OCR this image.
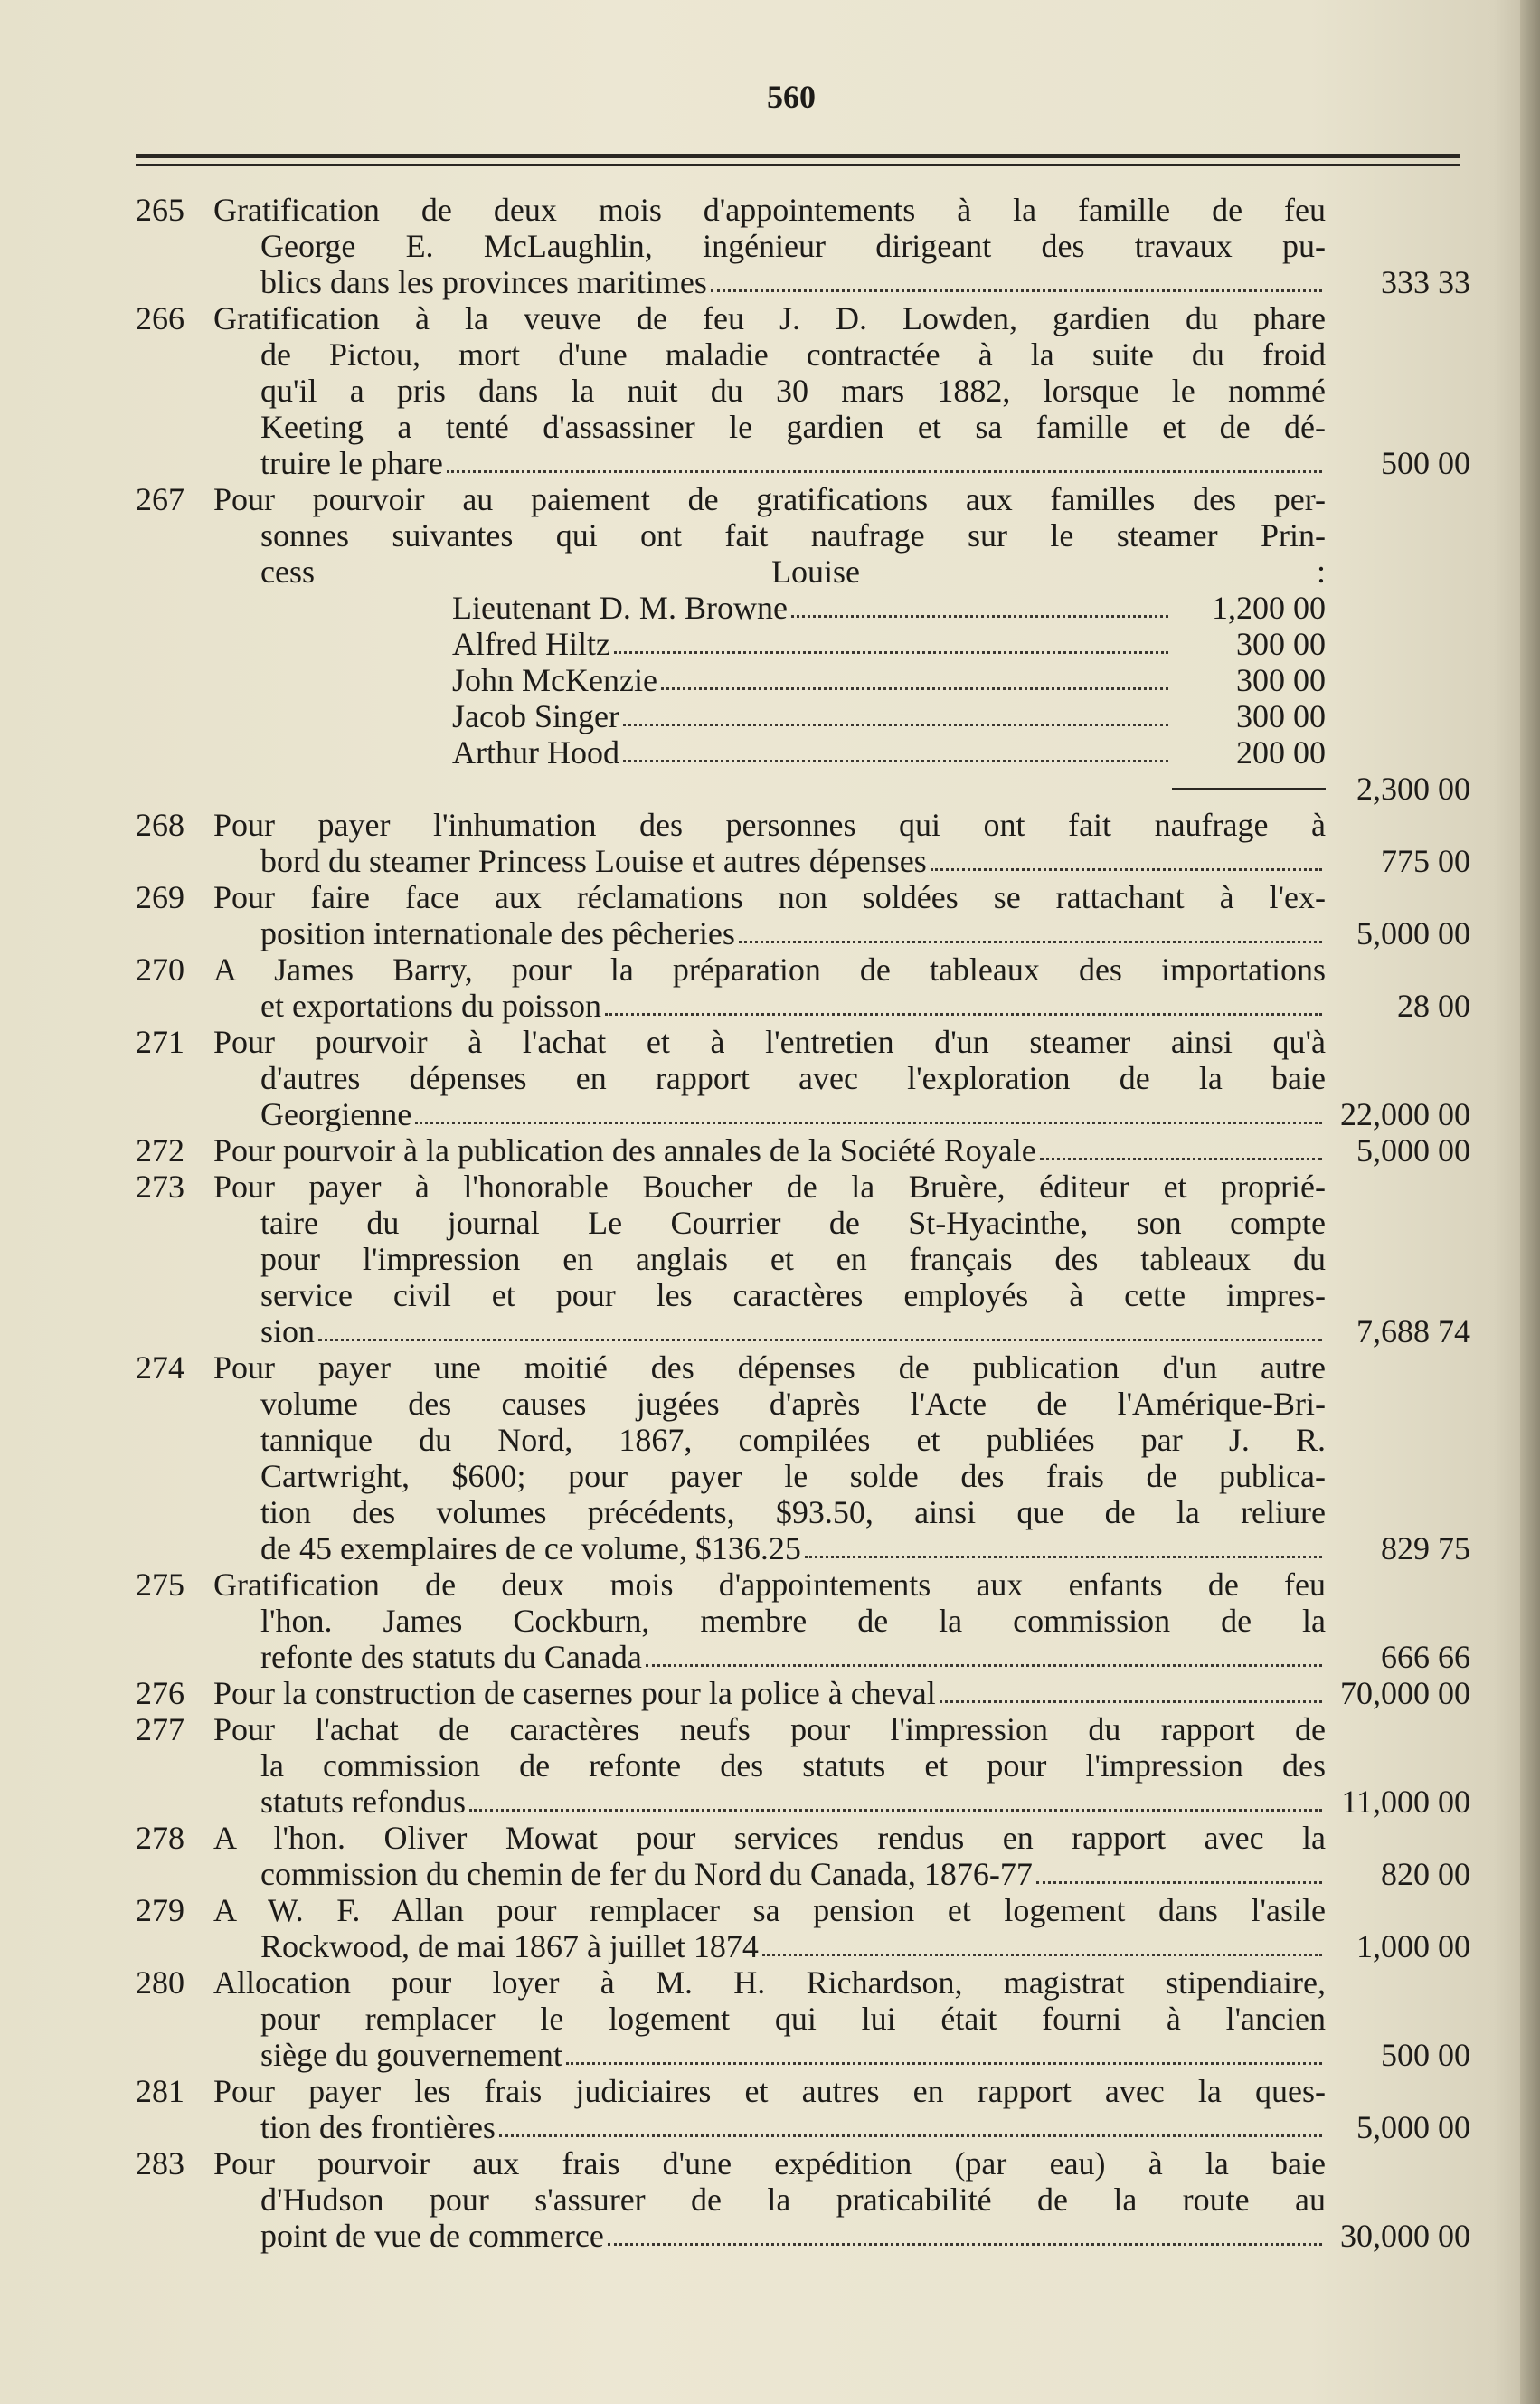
560
265 Gratification de deux mois d'appointements à la famille de feu
George E. McLaughlin, ingénieur dirigeant des travaux pu-
blics dans les provinces maritimes	333 33
266 Gratification à la veuve de feu J. D. Lowden, gardien du phare
de Pictou, mort d'une maladie contractée à la suite du froid
qu'il a pris dans la nuit du 30 mars 1882, lorsque le nommé
Keeting a tenté d'assassiner le gardien et sa famille et de dé-
truire le phare	500 00
267 Pour pourvoir au paiement de gratifications aux familles des per-
sonnes suivantes qui ont fait naufrage sur le steamer Prin-
cess Louise :
Lieutenant D. M. Browne	1,200 00
Alfred Hiltz	300 00
John McKenzie	300 00
Jacob Singer	300 00
Arthur Hood	200 00
2,300 00
268 Pour payer l'inhumation des personnes qui ont fait naufrage à
bord du steamer Princess Louise et autres dépenses	775 00
269 Pour faire face aux réclamations non soldées se rattachant à l'ex-
position internationale des pêcheries	5,000 00
270 A James Barry, pour la préparation de tableaux des importations
et exportations du poisson	28 00
271 Pour pourvoir à l'achat et à l'entretien d'un steamer ainsi qu'à
d'autres dépenses en rapport avec l'exploration de la baie
Georgienne	22,000 00
272 Pour pourvoir à la publication des annales de la Société Royale	5,000 00
273 Pour payer à l'honorable Boucher de la Bruère, éditeur et proprié-
taire du journal Le Courrier de St-Hyacinthe, son compte
pour l'impression en anglais et en français des tableaux du
service civil et pour les caractères employés à cette impres-
sion	7,688 74
274 Pour payer une moitié des dépenses de publication d'un autre
volume des causes jugées d'après l'Acte de l'Amérique-Bri-
tannique du Nord, 1867, compilées et publiées par J. R.
Cartwright, $600; pour payer le solde des frais de publica-
tion des volumes précédents, $93.50, ainsi que de la reliure
de 45 exemplaires de ce volume, $136.25	829 75
275 Gratification de deux mois d'appointements aux enfants de feu
l'hon. James Cockburn, membre de la commission de la
refonte des statuts du Canada	666 66
276 Pour la construction de casernes pour la police à cheval	70,000 00
277 Pour l'achat de caractères neufs pour l'impression du rapport de
la commission de refonte des statuts et pour l'impression des
statuts refondus	11,000 00
278 A l'hon. Oliver Mowat pour services rendus en rapport avec la
commission du chemin de fer du Nord du Canada, 1876-77	820 00
279 A W. F. Allan pour remplacer sa pension et logement dans l'asile
Rockwood, de mai 1867 à juillet 1874	1,000 00
280 Allocation pour loyer à M. H. Richardson, magistrat stipendiaire,
pour remplacer le logement qui lui était fourni à l'ancien
siège du gouvernement	500 00
281 Pour payer les frais judiciaires et autres en rapport avec la ques-
tion des frontières	5,000 00
283 Pour pourvoir aux frais d'une expédition (par eau) à la baie
d'Hudson pour s'assurer de la praticabilité de la route au
point de vue de commerce	30,000 00
